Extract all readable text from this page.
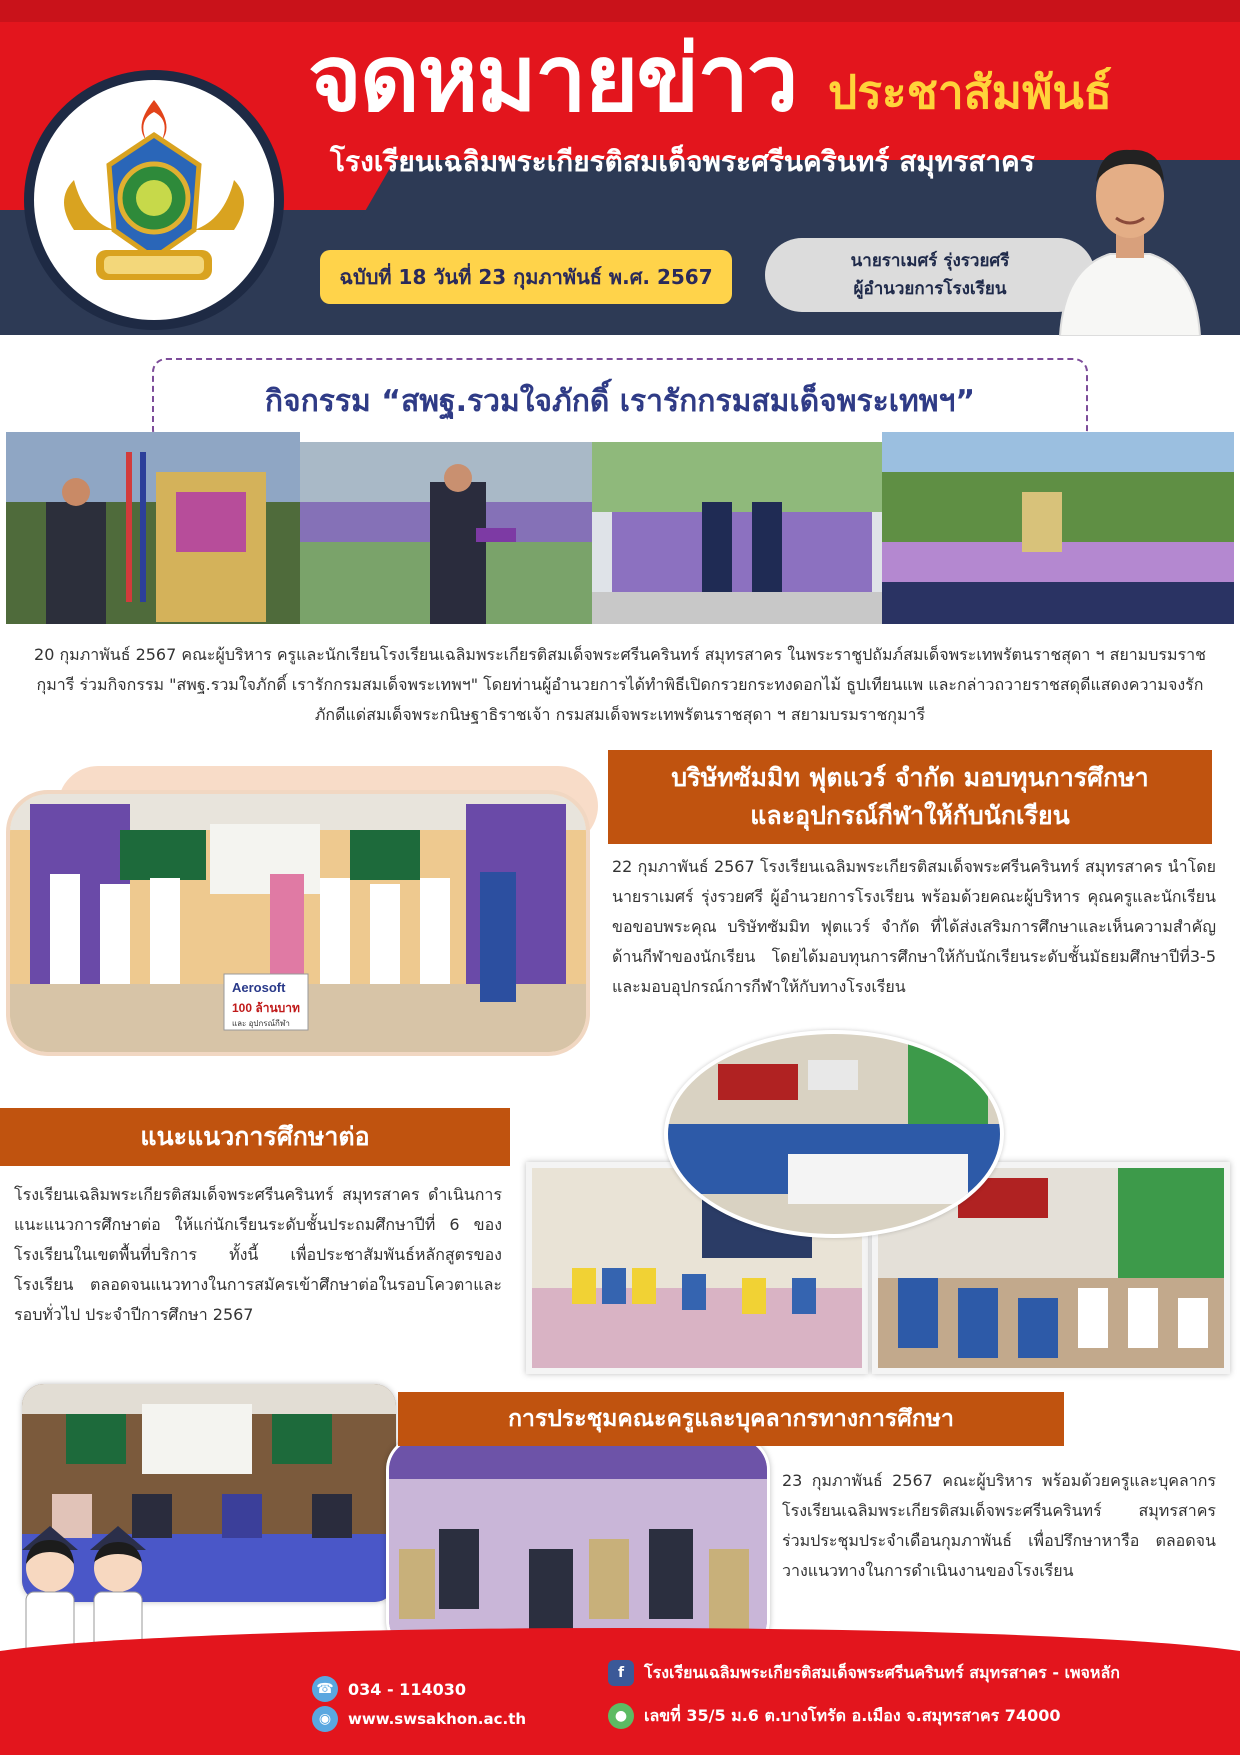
จดหมายข่าว ประชาสัมพันธ์
โรงเรียนเฉลิมพระเกียรติสมเด็จพระศรีนครินทร์ สมุทรสาคร
ฉบับที่ 18 วันที่ 23 กุมภาพันธ์ พ.ศ. 2567
นายราเมศร์ รุ่งรวยศรี
ผู้อำนวยการโรงเรียน
กิจกรรม “สพฐ.รวมใจภักดิ์ เรารักกรมสมเด็จพระเทพฯ”
20 กุมภาพันธ์ 2567 คณะผู้บริหาร ครูและนักเรียนโรงเรียนเฉลิมพระเกียรติสมเด็จพระศรีนครินทร์ สมุทรสาคร ในพระราชูปถัมภ์สมเด็จพระเทพรัตนราชสุดา ฯ สยามบรมราชกุมารี ร่วมกิจกรรม "สพฐ.รวมใจภักดิ์ เรารักกรมสมเด็จพระเทพฯ" โดยท่านผู้อำนวยการได้ทำพิธีเปิดกรวยกระทงดอกไม้ ธูปเทียนแพ และกล่าวถวายราชสดุดีแสดงความจงรักภักดีแด่สมเด็จพระกนิษฐาธิราชเจ้า กรมสมเด็จพระเทพรัตนราชสุดา ฯ สยามบรมราชกุมารี
Aerosoft
100 ล้านบาท
และ อุปกรณ์กีฬา
บริษัทซัมมิท ฟุตแวร์ จำกัด มอบทุนการศึกษา
และอุปกรณ์กีฬาให้กับนักเรียน
22 กุมภาพันธ์ 2567 โรงเรียนเฉลิมพระเกียรติสมเด็จพระศรีนครินทร์ สมุทรสาคร นำโดยนายราเมศร์ รุ่งรวยศรี ผู้อำนวยการโรงเรียน พร้อมด้วยคณะผู้บริหาร คุณครูและนักเรียน ขอขอบพระคุณ บริษัทซัมมิท ฟุตแวร์ จำกัด ที่ได้ส่งเสริมการศึกษาและเห็นความสำคัญด้านกีฬาของนักเรียน โดยได้มอบทุนการศึกษาให้กับนักเรียนระดับชั้นมัธยมศึกษาปีที่3-5 และมอบอุปกรณ์การกีฬาให้กับทางโรงเรียน
แนะแนวการศึกษาต่อ
โรงเรียนเฉลิมพระเกียรติสมเด็จพระศรีนครินทร์ สมุทรสาคร ดำเนินการแนะแนวการศึกษาต่อ ให้แก่นักเรียนระดับชั้นประถมศึกษาปีที่ 6 ของโรงเรียนในเขตพื้นที่บริการ ทั้งนี้ เพื่อประชาสัมพันธ์หลักสูตรของโรงเรียน ตลอดจนแนวทางในการสมัครเข้าศึกษาต่อในรอบโควตาและรอบทั่วไป ประจำปีการศึกษา 2567
การประชุมคณะครูและบุคลากรทางการศึกษา
23 กุมภาพันธ์ 2567 คณะผู้บริหาร พร้อมด้วยครูและบุคลากร โรงเรียนเฉลิมพระเกียรติสมเด็จพระศรีนครินทร์ สมุทรสาคร ร่วมประชุมประจำเดือนกุมภาพันธ์ เพื่อปรึกษาหารือ ตลอดจนวางแนวทางในการดำเนินงานของโรงเรียน
☎ 034 - 114030
◉	www.swsakhon.ac.th
f	โรงเรียนเฉลิมพระเกียรติสมเด็จพระศรีนครินทร์ สมุทรสาคร - เพจหลัก
●	เลขที่ 35/5 ม.6 ต.บางโทรัด อ.เมือง จ.สมุทรสาคร 74000
